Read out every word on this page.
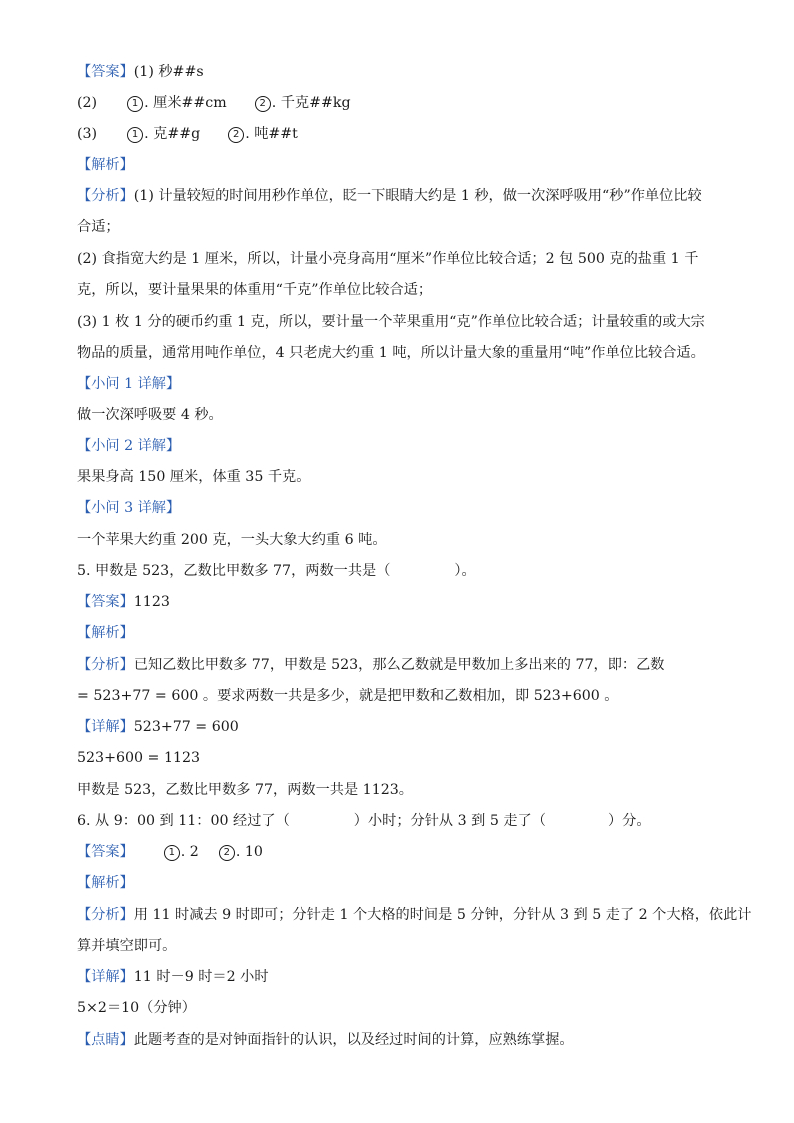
【答案】(1) 秒##s
(2)	1 . 厘米##cm	2 . 千克##kg
(3)	1 . 克##g	2 . 吨##t
【解析】
【分析】(1) 计量较短的时间用秒作单位，眨一下眼睛大约是 1 秒，做一次深呼吸用“秒”作单位比较
合适；
(2) 食指宽大约是 1 厘米，所以，计量小亮身高用“厘米”作单位比较合适；2 包 500 克的盐重 1 千
克，所以，要计量果果的体重用“千克”作单位比较合适；
(3) 1 枚 1 分的硬币约重 1 克，所以，要计量一个苹果重用“克”作单位比较合适；计量较重的或大宗
物品的质量，通常用吨作单位，4 只老虎大约重 1 吨，所以计量大象的重量用“吨”作单位比较合适。
【小问 1 详解】
做一次深呼吸要 4 秒。
【小问 2 详解】
果果身高 150 厘米，体重 35 千克。
【小问 3 详解】
一个苹果大约重 200 克，一头大象大约重 6 吨。
5. 甲数是 523，乙数比甲数多 77，两数一共是（	）。
【答案】1123
【解析】
【分析】已知乙数比甲数多 77，甲数是 523，那么乙数就是甲数加上多出来的 77，即：乙数
= 523+77 = 600 。要求两数一共是多少，就是把甲数和乙数相加，即 523+600 。
【详解】523+77 = 600
523+600 = 1123
甲数是 523，乙数比甲数多 77，两数一共是 1123。
6. 从 9：00 到 11：00 经过了（	）小时；分针从 3 到 5 走了（	）分。
【答案】	1 . 2 2 . 10
【解析】
【分析】用 11 时减去 9 时即可；分针走 1 个大格的时间是 5 分钟，分针从 3 到 5 走了 2 个大格，依此计
算并填空即可。
【详解】11 时－9 时＝2 小时
5×2＝10（分钟）
【点睛】此题考查的是对钟面指针的认识，以及经过时间的计算，应熟练掌握。
